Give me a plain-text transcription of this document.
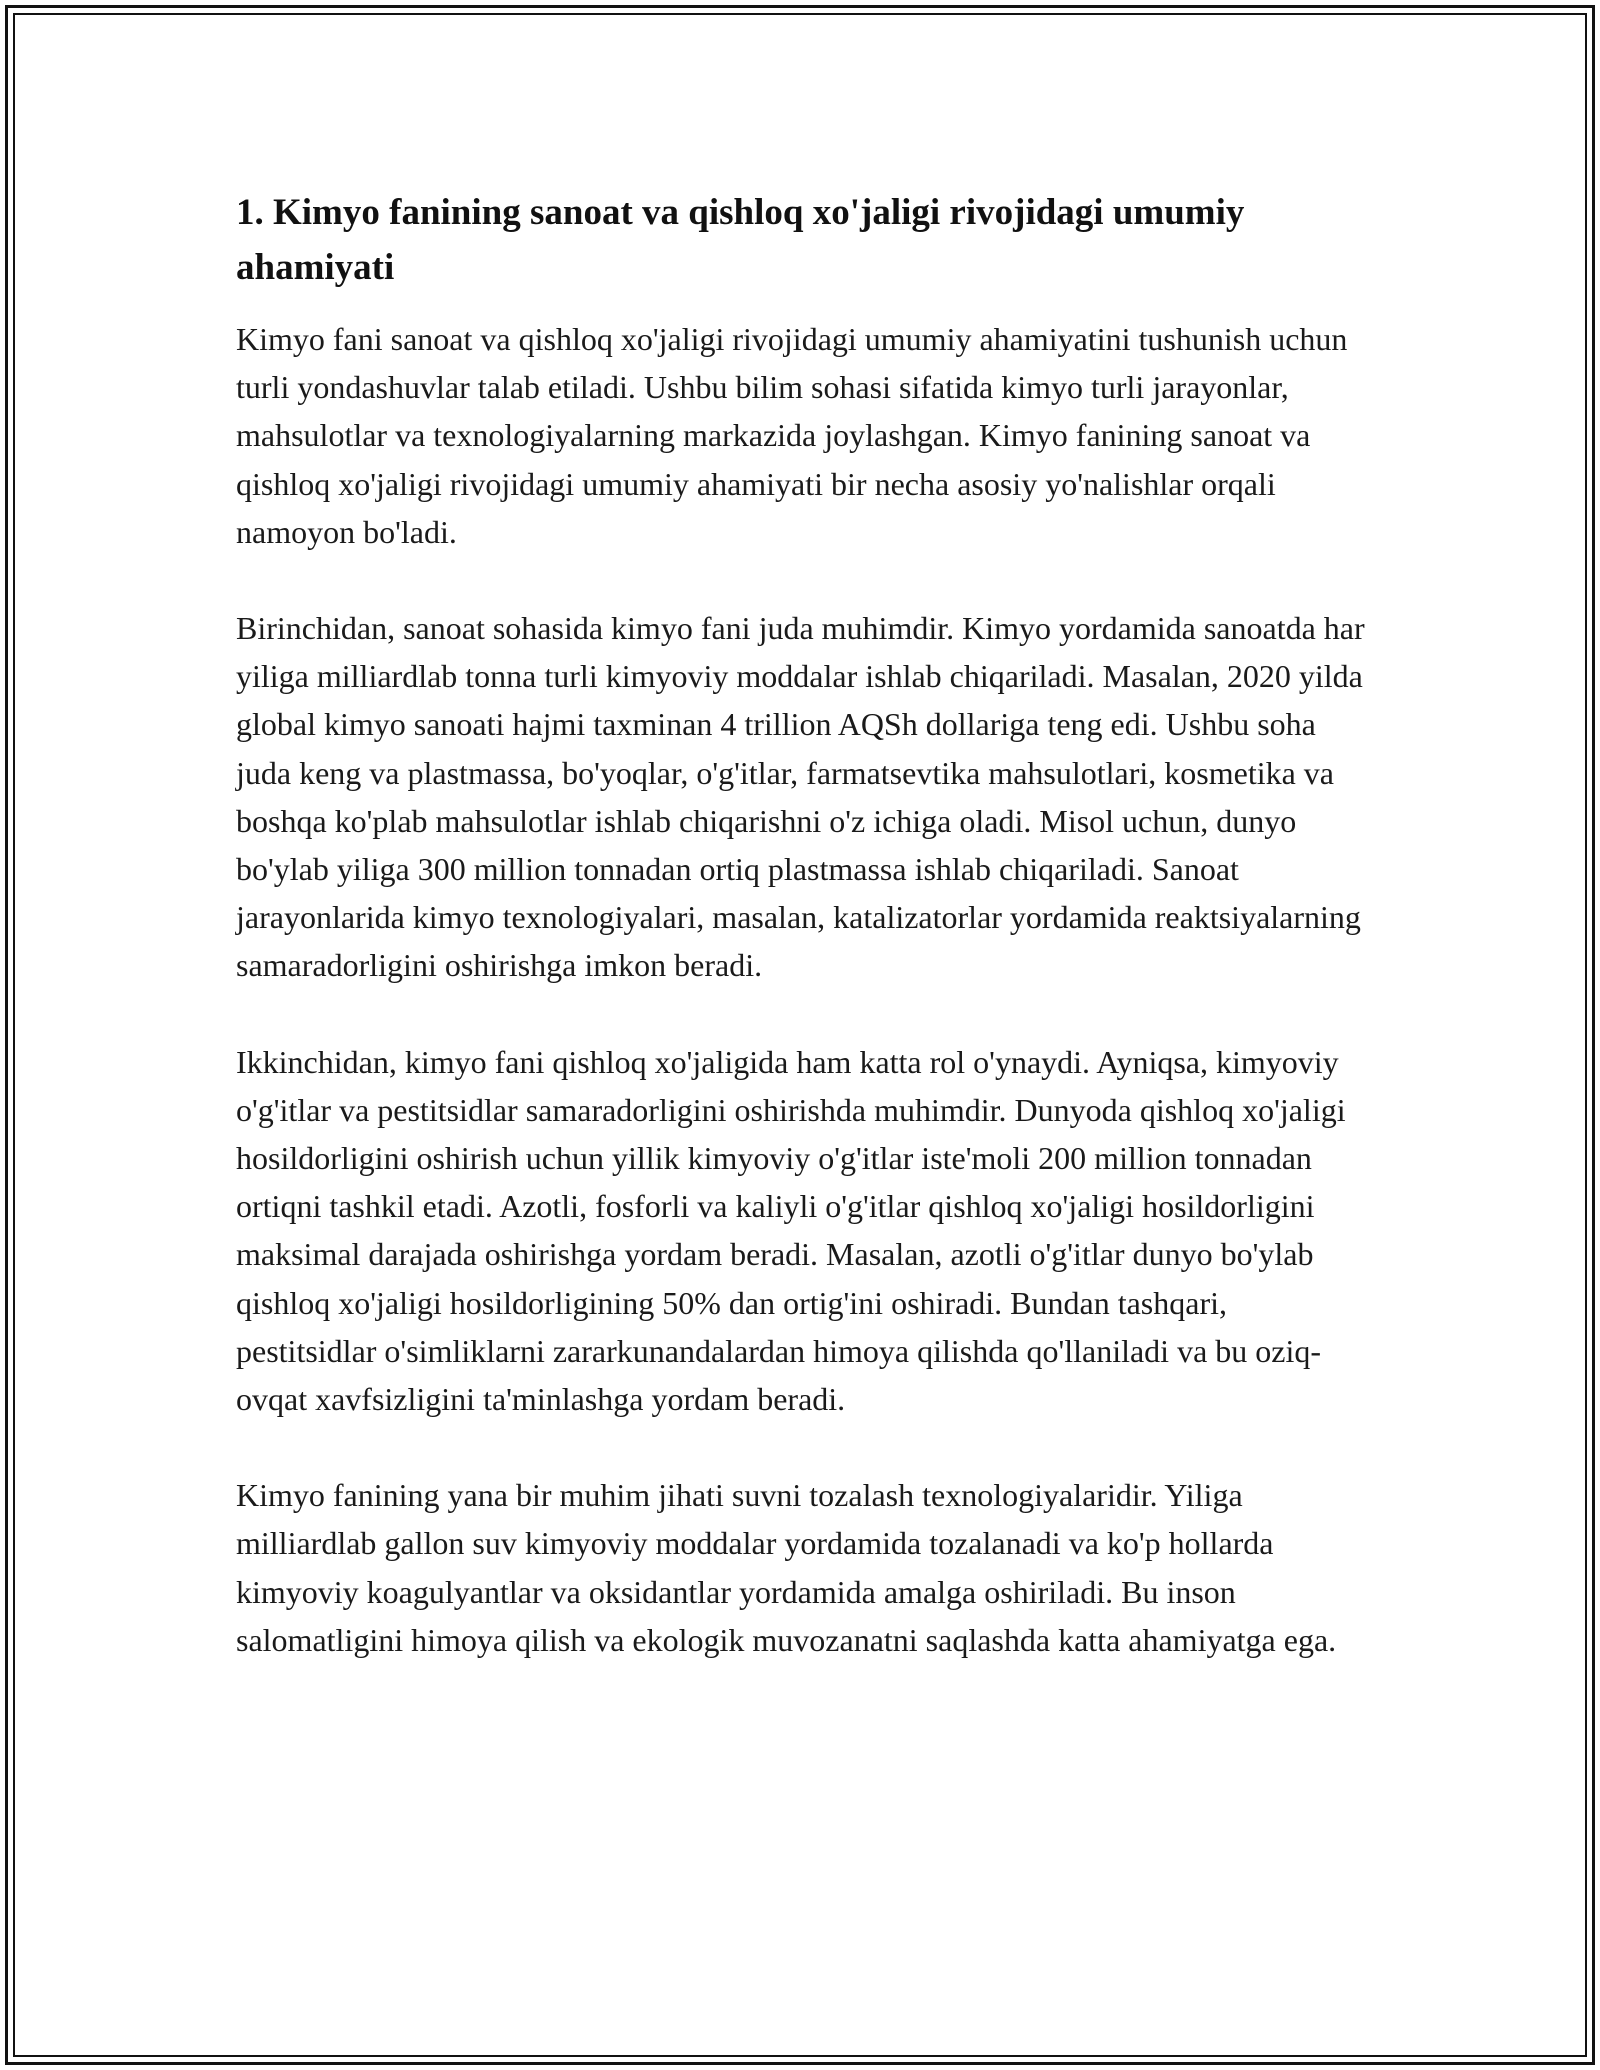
1. Kimyo fanining sanoat va qishloq xo'jaligi rivojidagi umumiy ahamiyati

Kimyo fani sanoat va qishloq xo'jaligi rivojidagi umumiy ahamiyatini tushunish uchun turli yondashuvlar talab etiladi. Ushbu bilim sohasi sifatida kimyo turli jarayonlar, mahsulotlar va texnologiyalarning markazida joylashgan. Kimyo fanining sanoat va qishloq xo'jaligi rivojidagi umumiy ahamiyati bir necha asosiy yo'nalishlar orqali namoyon bo'ladi.

Birinchidan, sanoat sohasida kimyo fani juda muhimdir. Kimyo yordamida sanoatda har yiliga milliardlab tonna turli kimyoviy moddalar ishlab chiqariladi. Masalan, 2020 yilda global kimyo sanoati hajmi taxminan 4 trillion AQSh dollariga teng edi. Ushbu soha juda keng va plastmassa, bo'yoqlar, o'g'itlar, farmatsevtika mahsulotlari, kosmetika va boshqa ko'plab mahsulotlar ishlab chiqarishni o'z ichiga oladi. Misol uchun, dunyo bo'ylab yiliga 300 million tonnadan ortiq plastmassa ishlab chiqariladi. Sanoat jarayonlarida kimyo texnologiyalari, masalan, katalizatorlar yordamida reaktsiyalarning samaradorligini oshirishga imkon beradi.

Ikkinchidan, kimyo fani qishloq xo'jaligida ham katta rol o'ynaydi. Ayniqsa, kimyoviy o'g'itlar va pestitsidlar samaradorligini oshirishda muhimdir. Dunyoda qishloq xo'jaligi hosildorligini oshirish uchun yillik kimyoviy o'g'itlar iste'moli 200 million tonnadan ortiqni tashkil etadi. Azotli, fosforli va kaliyli o'g'itlar qishloq xo'jaligi hosildorligini maksimal darajada oshirishga yordam beradi. Masalan, azotli o'g'itlar dunyo bo'ylab qishloq xo'jaligi hosildorligining 50% dan ortig'ini oshiradi. Bundan tashqari, pestitsidlar o'simliklarni zararkunandalardan himoya qilishda qo'llaniladi va bu oziq-ovqat xavfsizligini ta'minlashga yordam beradi.

Kimyo fanining yana bir muhim jihati suvni tozalash texnologiyalaridir. Yiliga milliardlab gallon suv kimyoviy moddalar yordamida tozalanadi va ko'p hollarda kimyoviy koagulyantlar va oksidantlar yordamida amalga oshiriladi. Bu inson salomatligini himoya qilish va ekologik muvozanatni saqlashda katta ahamiyatga ega.
